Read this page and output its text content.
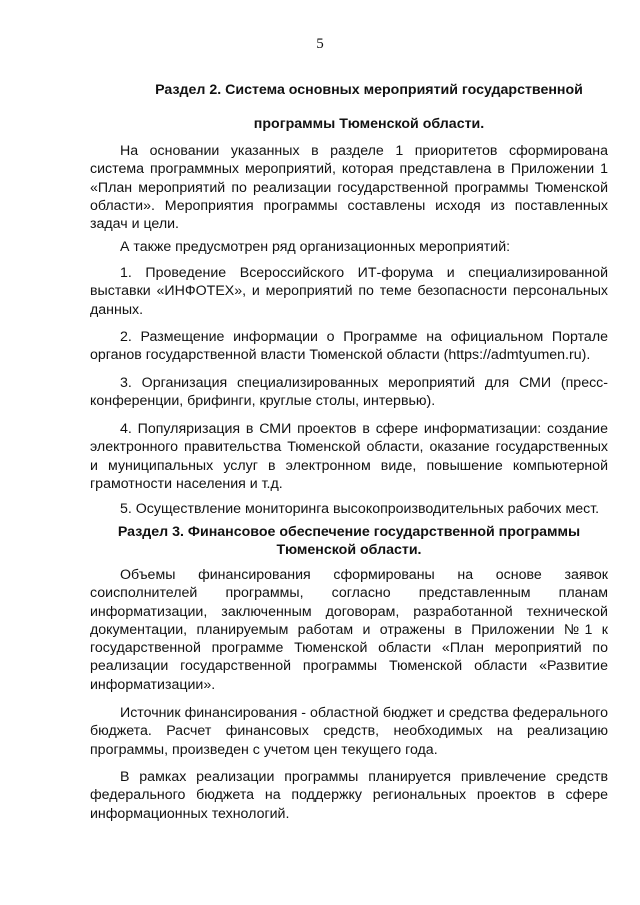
5
Раздел 2. Система основных мероприятий государственной
программы Тюменской области.

На основании указанных в разделе 1 приоритетов сформирована система программных мероприятий, которая представлена в Приложении 1 «План мероприятий по реализации государственной программы Тюменской области». Мероприятия программы составлены исходя из поставленных задач и цели.

А также предусмотрен ряд организационных мероприятий:

1. Проведение Всероссийского ИТ-форума и специализированной выставки «ИНФОТЕХ», и мероприятий по теме безопасности персональных данных.

2. Размещение информации о Программе на официальном Портале органов государственной власти Тюменской области (https://admtyumen.ru).

3. Организация специализированных мероприятий для СМИ (пресс-конференции, брифинги, круглые столы, интервью).

4. Популяризация в СМИ проектов в сфере информатизации: создание электронного правительства Тюменской области, оказание государственных и муниципальных услуг в электронном виде, повышение компьютерной грамотности населения и т.д.

5. Осуществление мониторинга высокопроизводительных рабочих мест.

Раздел 3. Финансовое обеспечение государственной программы
Тюменской области.

Объемы финансирования сформированы на основе заявок соисполнителей программы, согласно представленным планам информатизации, заключенным договорам, разработанной технической документации, планируемым работам и отражены в Приложении №1 к государственной программе Тюменской области «План мероприятий по реализации государственной программы Тюменской области «Развитие информатизации».

Источник финансирования - областной бюджет и средства федерального бюджета. Расчет финансовых средств, необходимых на реализацию программы, произведен с учетом цен текущего года.

В рамках реализации программы планируется привлечение средств федерального бюджета на поддержку региональных проектов в сфере информационных технологий.
